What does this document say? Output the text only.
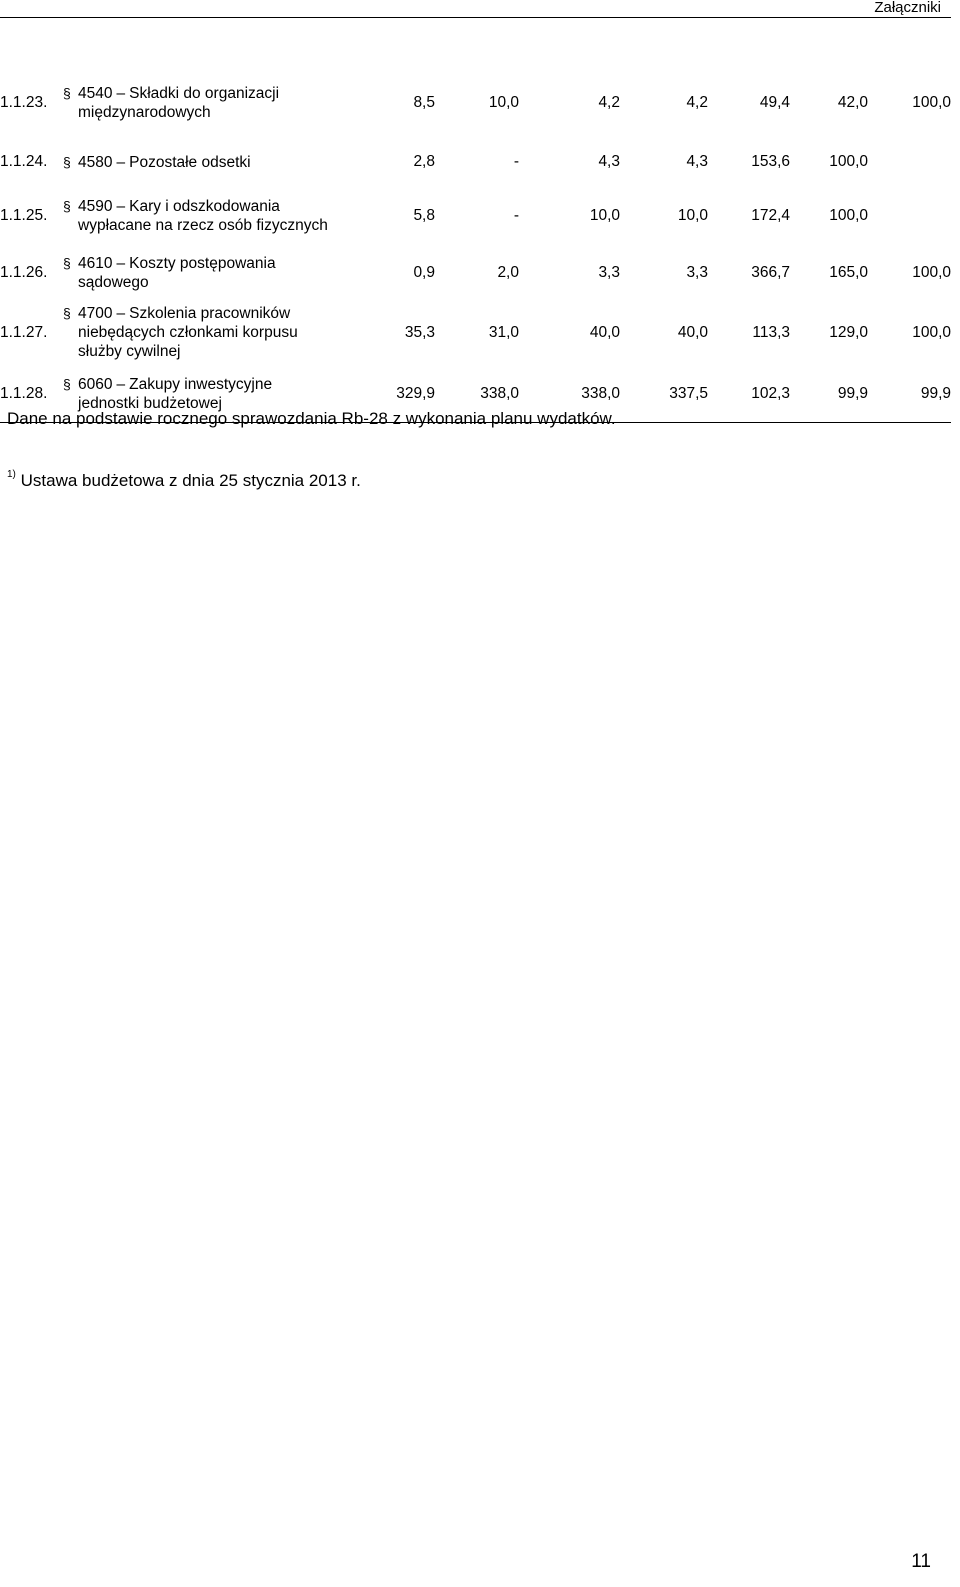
Załączniki
1.1.23.	§ 4540 – Składki do organizacji
międzynarodowych	8,5	10,0	4,2	4,2	49,4	42,0	100,0
1.1.24.	§ 4580 – Pozostałe odsetki	2,8	-	4,3	4,3	153,6	100,0	
1.1.25.	§ 4590 – Kary i odszkodowania
wypłacane na rzecz osób fizycznych	5,8	-	10,0	10,0	172,4	100,0	
1.1.26.	§ 4610 – Koszty postępowania
sądowego	0,9	2,0	3,3	3,3	366,7	165,0	100,0
1.1.27.	§ 4700 – Szkolenia pracowników
niebędących członkami korpusu
służby cywilnej	35,3	31,0	40,0	40,0	113,3	129,0	100,0
1.1.28.	§ 6060 – Zakupy inwestycyjne
jednostki budżetowej	329,9	338,0	338,0	337,5	102,3	99,9	99,9
Dane na podstawie rocznego sprawozdania Rb-28 z wykonania planu wydatków.
$^{1)}$ Ustawa budżetowa z dnia 25 stycznia 2013 r.
11
